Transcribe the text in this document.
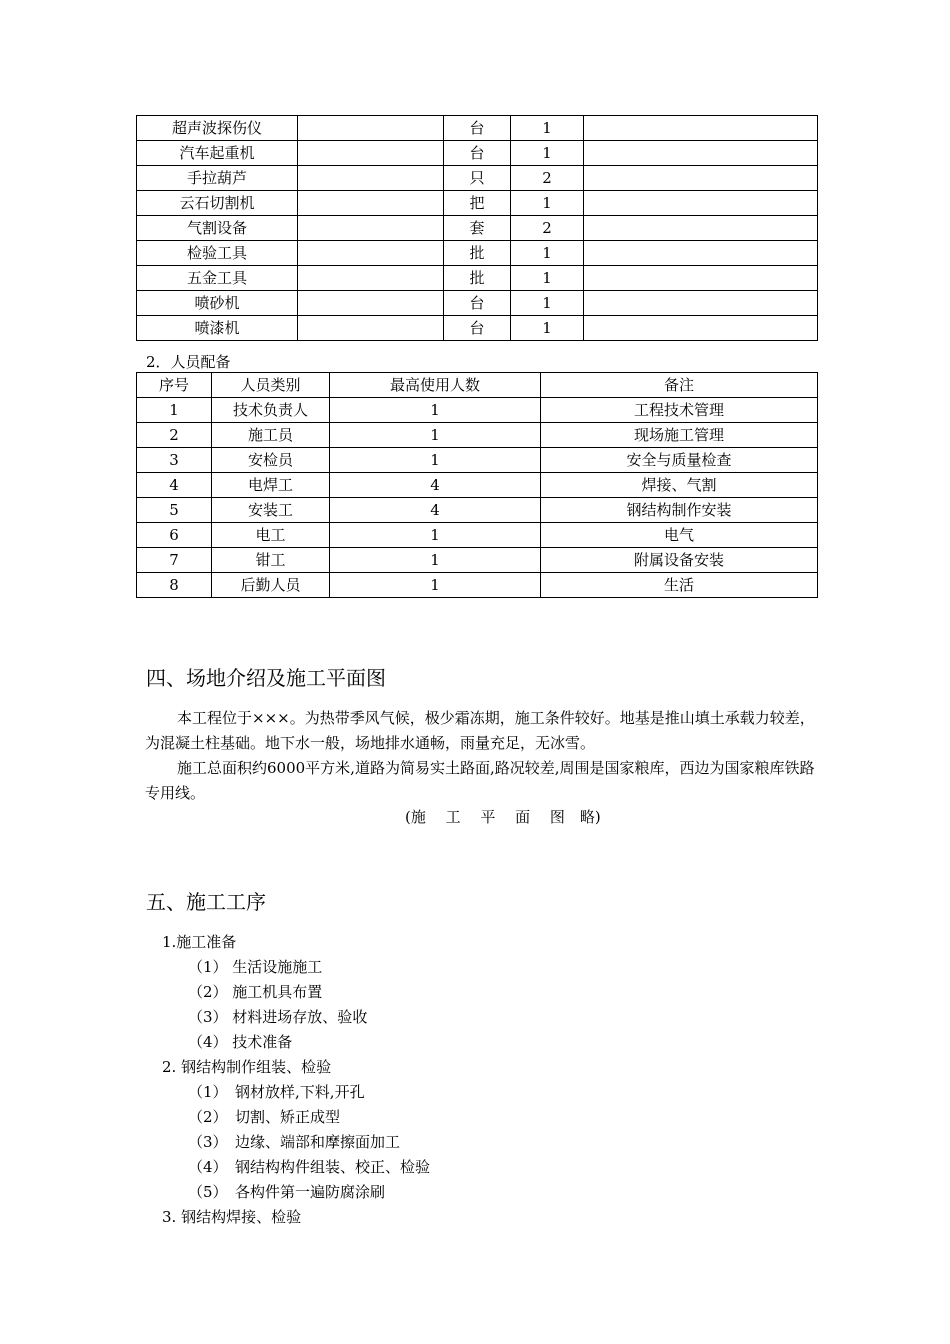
超声波探伤仪		台	1	
汽车起重机		台	1	
手拉葫芦		只	2	
云石切割机		把	1	
气割设备		套	2	
检验工具		批	1	
五金工具		批	1	
喷砂机		台	1	
喷漆机		台	1	
2．人员配备
序号	人员类别	最高使用人数	备注
1	技术负责人	1	工程技术管理
2	施工员	1	现场施工管理
3	安检员	1	安全与质量检查
4	电焊工	4	焊接、气割
5	安装工	4	钢结构制作安装
6	电工	1	电气
7	钳工	1	附属设备安装
8	后勤人员	1	生活
四、场地介绍及施工平面图
本工程位于×××。为热带季风气候，极少霜冻期，施工条件较好。地基是推山填土承载力较差，为混凝土柱基础。地下水一般，场地排水通畅，雨量充足，无冰雪。
施工总面积约6000平方米,道路为简易实土路面,路况较差,周围是国家粮库，西边为国家粮库铁路专用线。
(施　 工　 平　 面　 图　略)
五、施工工序
1.施工准备
（1） 生活设施施工
（2） 施工机具布置
（3） 材料进场存放、验收
（4） 技术准备
2. 钢结构制作组装、检验
（1）　钢材放样,下料,开孔
（2）　切割、矫正成型
（3）　边缘、端部和摩擦面加工
（4）　钢结构构件组装、校正、检验
（5）　各构件第一遍防腐涂刷
3. 钢结构焊接、检验
